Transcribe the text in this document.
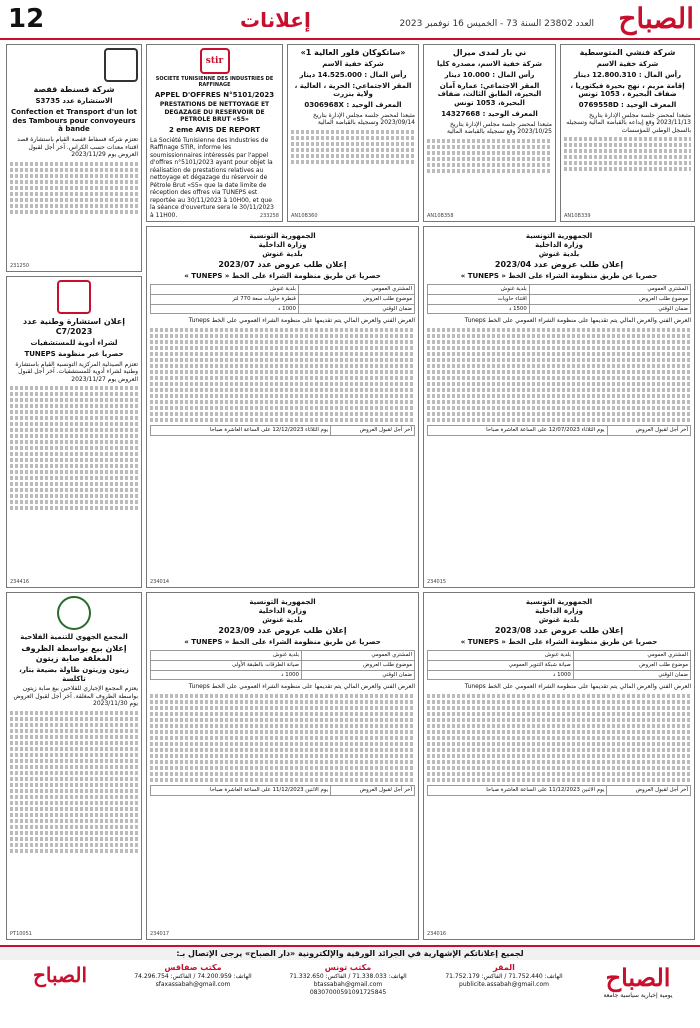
12	إعلانات	الصباح
العدد 23802 السنة 73 - الخميس 16 نوفمبر 2023
شركة فنشي المتوسطية
شركة خفية الاسم
رأس المال : 12.800.310 دينار
إقامة مريم ، نهج بحيرة فيكتوريا ، ضفاف البحيرة ، 1053 تونس
المعرف الوحيد : 0769558D
مثبعدا لمحضر جلسة مجلس الإدارة بتاريخ 2023/11/13 وقع إيداعه بالقباضة المالية وتسجيله بالسجل الوطني للمؤسسات
AN10B339
ني بار لمدى ميرال
شركة خفية الاسم، مصدرة كليا
رأس المال : 10.000 دينار
المقر الاجتماعي: عمارة آمان البحيرة، الطابق الثالث، ضفاف البحيرة، 1053 تونس
المعرف الوحيد : 14327668
مثبعدا لمحضر جلسة مجلس الإدارة بتاريخ 2023/10/25 وقع تسجيله بالقباضة المالية
AN10B358
«ساتكوكان فلور العالية 1»
شركة خفية الاسم
رأس المال : 14.525.000 دينار
المقر الاجتماعي: الحرية ، العالية ، ولاية بنزرت
المعرف الوحيد : 0306968X
مثبعدا لمحضر جلسة مجلس الإدارة بتاريخ 2023/09/14 وتسجيله بالقباضة المالية
AN10B360
stir
SOCIETE TUNISIENNE DES INDUSTRIES DE RAFFINAGE
APPEL D'OFFRES N°5101/2023
PRESTATIONS DE NETTOYAGE ET DEGAZAGE DU RESERVOIR DE PETROLE BRUT «S5»
2 eme AVIS DE REPORT
La Société Tunisienne des Industries de Raffinage STIR, informe les soumissionnaires intéressés par l'appel d'offres n°5101/2023 ayant pour objet la réalisation de prestations relatives au nettoyage et dégazage du réservoir de Pétrole Brut «S5» que la date limite de réception des offres via TUNEPS est reportée au 30/11/2023 à 10H00, et que la séance d'ouverture sera le 30/11/2023 à 11H00.	233258
شركة قسنطة قفصة
الاستشارة عدد S3735
Confection et Transport d'un lot des Tambours pour convoyeurs à bande
تعتزم شركة فسفاط قفصة القيام باستشارة قصد اقتناء معدات حسب الكراس. آخر أجل لقبول العروض يوم 2023/11/29
231250
الجمهورية التونسية
وزارة الداخلية
بلدية غنوش
إعلان طلب عروض عدد 2023/04
حصريا عن طريق منظومة الشراء على الخط « TUNEPS »
المشتري العمومي	بلدية غنوش
موضوع طلب العروض	اقتناء حاويات
ضمان الوقتي	1500 د
العرض الفني والعرض المالي يتم تقديمها على منظومة الشراء العمومي على الخط Tuneps
آخر أجل لقبول العروض	يوم الثلاثاء 12/07/2023 على الساعة العاشرة صباحا
234015
الجمهورية التونسية
وزارة الداخلية
بلدية غنوش
إعلان طلب عروض عدد 2023/07
حصريا عن طريق منظومة الشراء على الخط « TUNEPS »
المشتري العمومي	بلدية غنوش
موضوع طلب العروض	قنطرة حاويات سعة 770 لتر
ضمان الوقتي	1000 د
العرض الفني والعرض المالي يتم تقديمها على منظومة الشراء العمومي على الخط Tuneps
آخر أجل لقبول العروض	يوم الثلاثاء 12/12/2023 على الساعة العاشرة صباحا
234014
إعلان استشارة وطنية عدد 2023/C7
لشراء أدوية للمستشفيات
حصريا عبر منظومة TUNEPS
تعتزم الصيدلية المركزية التونسية القيام باستشارة وطنية لشراء أدوية للمستشفيات. آخر أجل لقبول العروض يوم 2023/11/27
234416
الجمهورية التونسية
وزارة الداخلية
بلدية غنوش
إعلان طلب عروض عدد 2023/08
حصريا عن طريق منظومة الشراء على الخط « TUNEPS »
المشتري العمومي	بلدية غنوش
موضوع طلب العروض	صيانة شبكة التنوير العمومي
ضمان الوقتي	1000 د
العرض الفني والعرض المالي يتم تقديمها على منظومة الشراء العمومي على الخط Tuneps
آخر أجل لقبول العروض	يوم الاثنين 11/12/2023 على الساعة العاشرة صباحا
234016
الجمهورية التونسية
وزارة الداخلية
بلدية غنوش
إعلان طلب عروض عدد 2023/09
حصريا عن طريق منظومة الشراء على الخط « TUNEPS »
المشتري العمومي	بلدية غنوش
موضوع طلب العروض	صيانة الطرقات بالطبقة الأولى
ضمان الوقتي	1000 د
العرض الفني والعرض المالي يتم تقديمها على منظومة الشراء العمومي على الخط Tuneps
آخر أجل لقبول العروض	يوم الاثنين 11/12/2023 على الساعة العاشرة صباحا
234017
المجمع الجهوي للتنمية الفلاحية
إعلان بيع بواسطة الظروف المغلقة صابة زيتون
زيتون وزيتون طاولة بضيعة بنار، تاكلسة
يعتزم المجمع الإجباري للفلاحين بيع صابة زيتون بواسطة الظروف المغلقة. آخر أجل لقبول العروض يوم 2023/11/30
PT10051
لجميع إعلاناتكم الإشهارية في الجرائد الورقية والإلكترونية «دار الصباح» يرجى الإتصال بـ:
الصباح
يومية إخبارية سياسية جامعة
المقر
الهاتف: 71.752.440 / الفاكس: 71.752.179
publicite.assabah@gmail.com
مكتب تونس
الهاتف: 71.338.033 / الفاكس: 71.332.650
btassabah@gmail.com
08307000591091725845
مكتب صفاقس
الهاتف: 74.200.959 / الفاكس: 74.296.754
sfaxassabah@gmail.com
الصباح
